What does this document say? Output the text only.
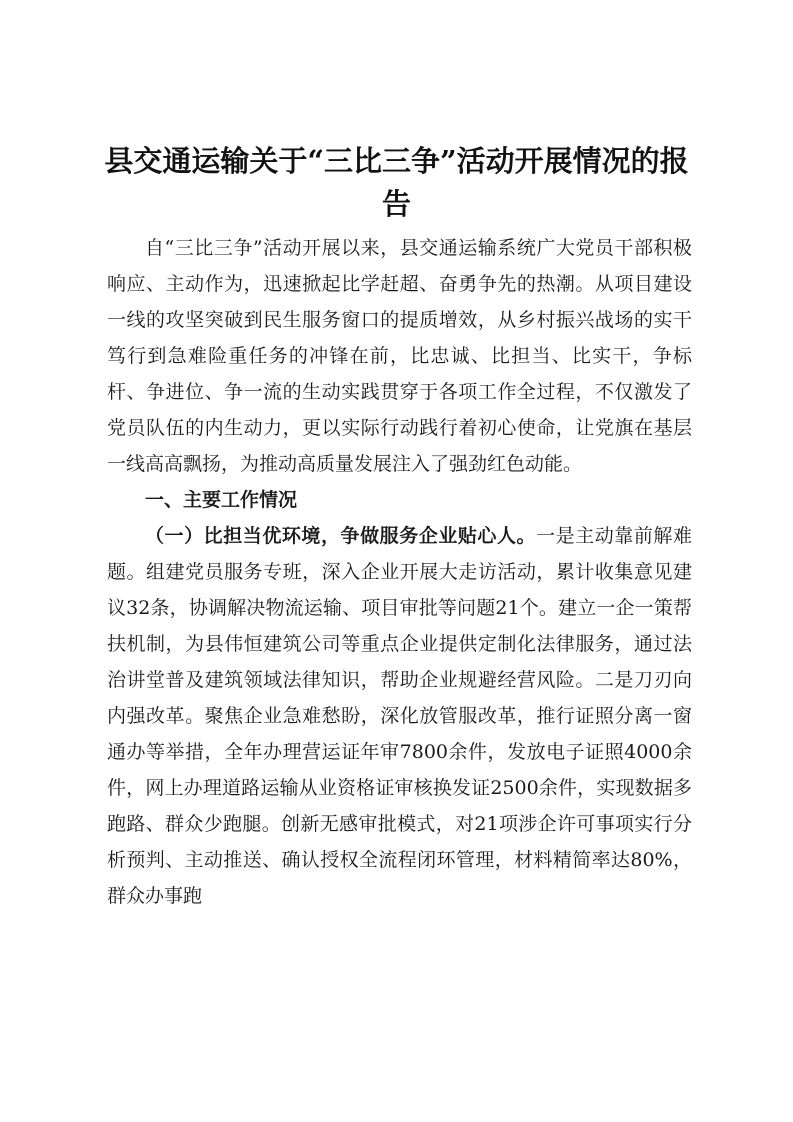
县交通运输关于“三比三争”活动开展情况的报告

自“三比三争”活动开展以来，县交通运输系统广大党员干部积极响应、主动作为，迅速掀起比学赶超、奋勇争先的热潮。从项目建设一线的攻坚突破到民生服务窗口的提质增效，从乡村振兴战场的实干笃行到急难险重任务的冲锋在前，比忠诚、比担当、比实干，争标杆、争进位、争一流的生动实践贯穿于各项工作全过程，不仅激发了党员队伍的内生动力，更以实际行动践行着初心使命，让党旗在基层一线高高飘扬，为推动高质量发展注入了强劲红色动能。

一、主要工作情况

（一）比担当优环境，争做服务企业贴心人。一是主动靠前解难题。组建党员服务专班，深入企业开展大走访活动，累计收集意见建议32条，协调解决物流运输、项目审批等问题21个。建立一企一策帮扶机制，为县伟恒建筑公司等重点企业提供定制化法律服务，通过法治讲堂普及建筑领域法律知识，帮助企业规避经营风险。二是刀刃向内强改革。聚焦企业急难愁盼，深化放管服改革，推行证照分离一窗通办等举措，全年办理营运证年审7800余件，发放电子证照4000余件，网上办理道路运输从业资格证审核换发证2500余件，实现数据多跑路、群众少跑腿。创新无感审批模式，对21项涉企许可事项实行分析预判、主动推送、确认授权全流程闭环管理，材料精简率达80%，群众办事跑
